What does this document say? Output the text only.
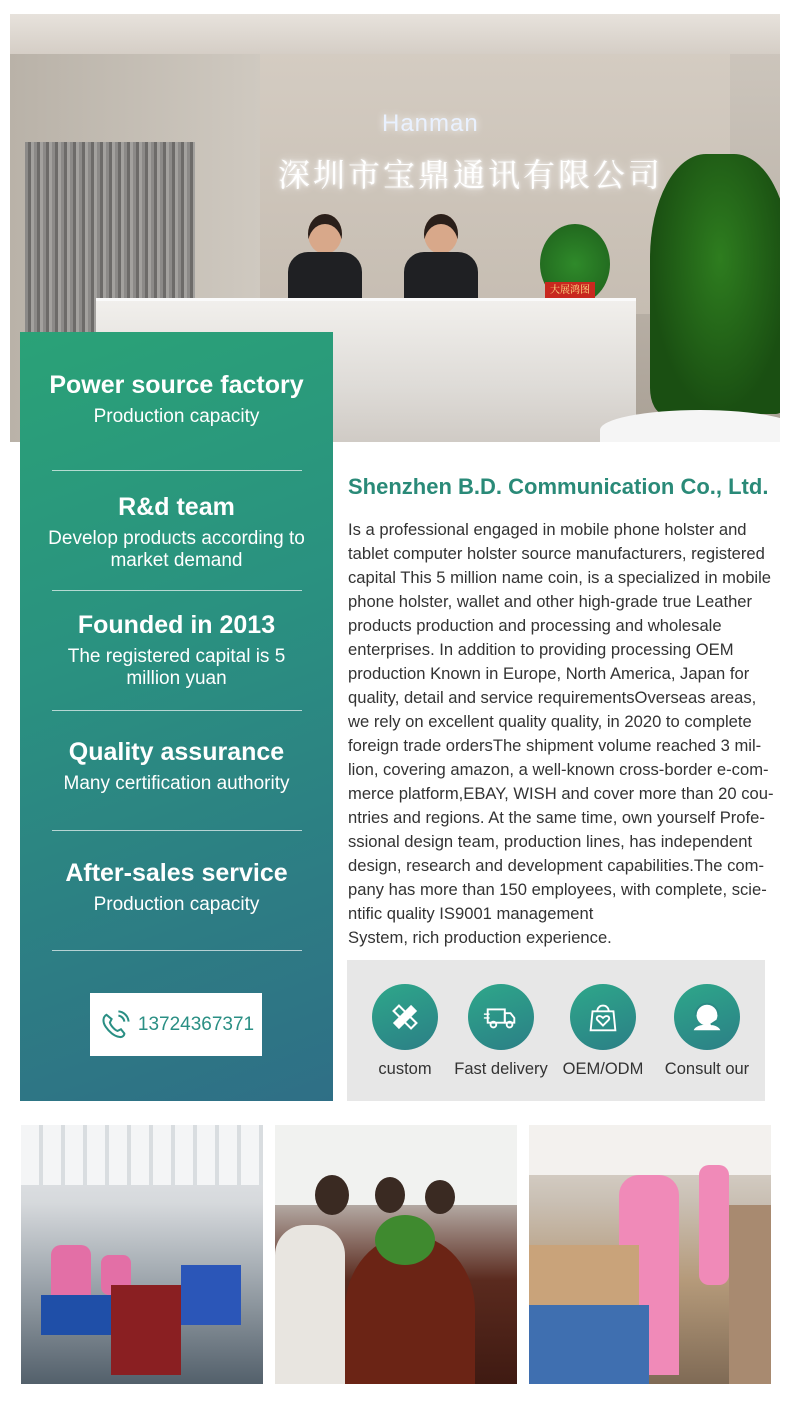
Hanman
深圳市宝鼎通讯有限公司
大展鸿图
Power source factory
Production capacity
R&d team
Develop products according to market demand
Founded in 2013
The registered capital is 5 million yuan
Quality assurance
Many certification authority
After-sales service
Production capacity
13724367371
Shenzhen B.D. Communication Co., Ltd.

Is a professional engaged in mobile phone holster and tablet computer holster source manufacturers, registered capital This 5 million name coin, is a specialized in mobile phone holster, wallet and other high-grade true Leather products production and processing and wholesale enterprises. In addition to providing processing OEM production Known in Europe, North America, Japan for quality, detail and service requirementsOverseas areas, we rely on excellent quality quality, in 2020 to complete foreign trade ordersThe shipment volume reached 3 mil-lion, covering amazon, a well-known cross-border e-com-merce platform,EBAY, WISH and cover more than 20 cou-ntries and regions. At the same time, own yourself Profe-ssional design team, production lines, has independent design, research and development capabilities.The com-pany has more than 150 employees, with complete, scie-ntific quality IS9001 management

System, rich production experience.

custom	Fast delivery OEM/ODM	Consult our
